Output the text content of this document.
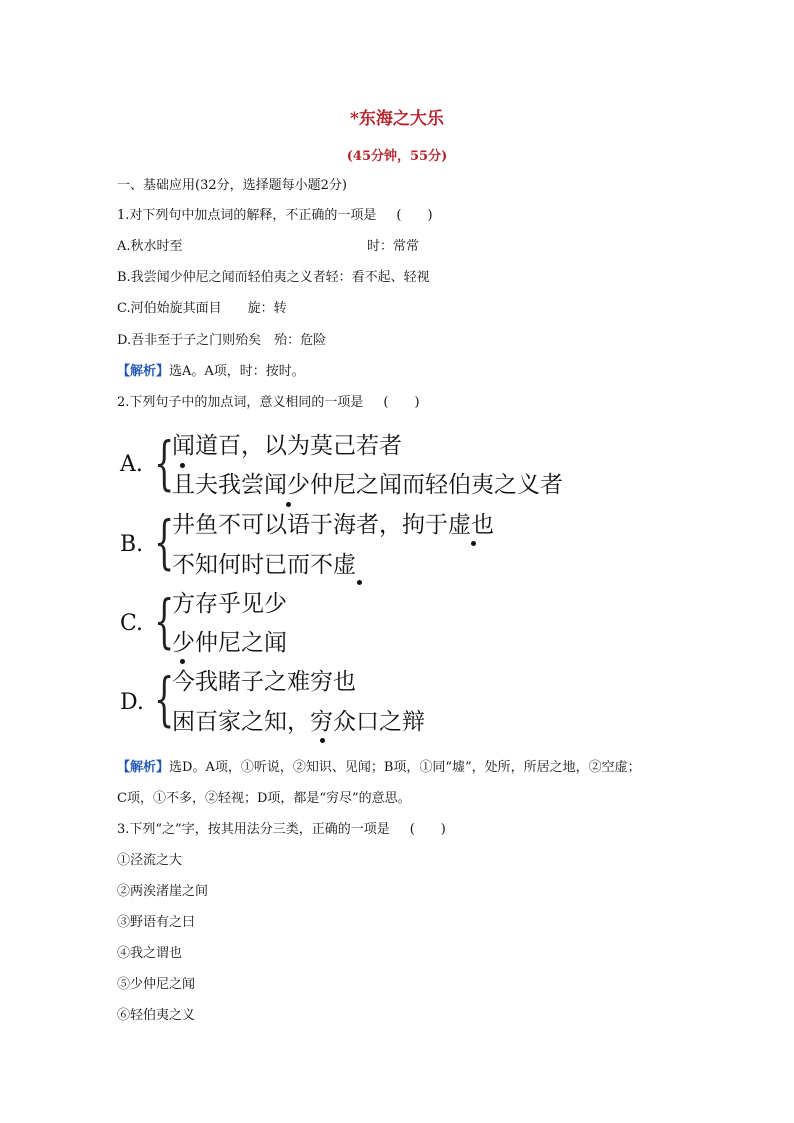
*东海之大乐
(45分钟，55分)
一、基础应用(32分，选择题每小题2分)
1.对下列句中加点词的解释，不正确的一项是 (　　)
A.秋水时至	时：常常
B.我尝闻少仲尼之闻而轻伯夷之义者轻：看不起、轻视
C.河伯始旋其面目　　旋：转
D.吾非至于子之门则殆矣　殆：危险
【解析】选A。A项，时：按时。
2.下列句子中的加点词，意义相同的一项是 (　　)
A. {
闻道百，以为莫己若者
且夫我尝闻少仲尼之闻而轻伯夷之义者
B. {
井鱼不可以语于海者，拘于虚也
不知何时已而不虚
C. {
方存乎见少
少仲尼之闻
D. {
今我睹子之难穷也
困百家之知，穷众口之辩
【解析】选D。A项，①听说，②知识、见闻；B项，①同“墟”，处所，所居之地，②空虚；
C项，①不多，②轻视；D项，都是“穷尽”的意思。
3.下列“之”字，按其用法分三类，正确的一项是 (　　)
①泾流之大
②两涘渚崖之间
③野语有之曰
④我之谓也
⑤少仲尼之闻
⑥轻伯夷之义
